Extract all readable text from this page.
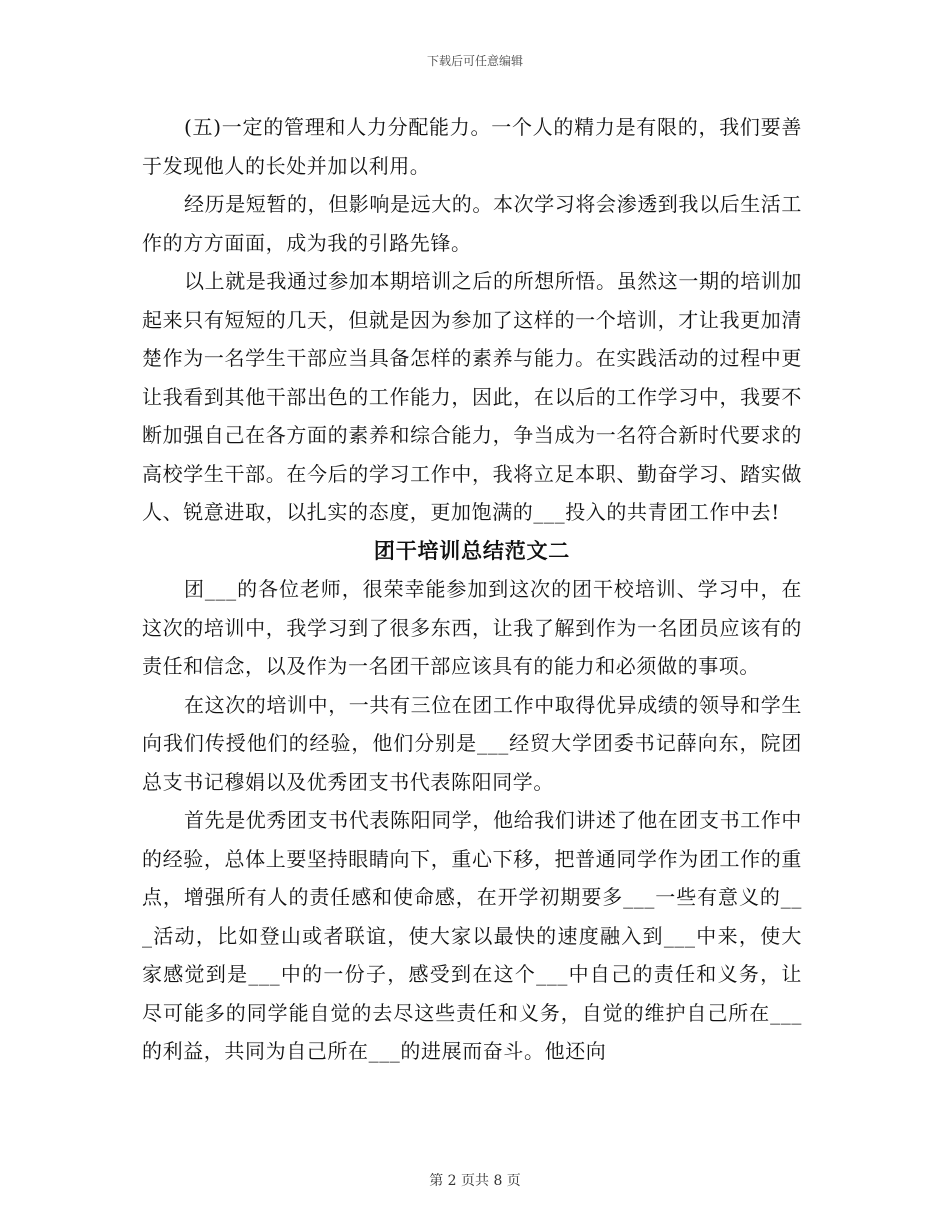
下载后可任意编辑

(五)一定的管理和人力分配能力。一个人的精力是有限的，我们要善于发现他人的长处并加以利用。

经历是短暂的，但影响是远大的。本次学习将会渗透到我以后生活工作的方方面面，成为我的引路先锋。

以上就是我通过参加本期培训之后的所想所悟。虽然这一期的培训加起来只有短短的几天，但就是因为参加了这样的一个培训，才让我更加清楚作为一名学生干部应当具备怎样的素养与能力。在实践活动的过程中更让我看到其他干部出色的工作能力，因此，在以后的工作学习中，我要不断加强自己在各方面的素养和综合能力，争当成为一名符合新时代要求的高校学生干部。在今后的学习工作中，我将立足本职、勤奋学习、踏实做人、锐意进取，以扎实的态度，更加饱满的___投入的共青团工作中去!

团干培训总结范文二

团___的各位老师，很荣幸能参加到这次的团干校培训、学习中，在这次的培训中，我学习到了很多东西，让我了解到作为一名团员应该有的责任和信念，以及作为一名团干部应该具有的能力和必须做的事项。

在这次的培训中，一共有三位在团工作中取得优异成绩的领导和学生向我们传授他们的经验，他们分别是___经贸大学团委书记薛向东，院团总支书记穆娟以及优秀团支书代表陈阳同学。

首先是优秀团支书代表陈阳同学，他给我们讲述了他在团支书工作中的经验，总体上要坚持眼睛向下，重心下移，把普通同学作为团工作的重点，增强所有人的责任感和使命感，在开学初期要多___一些有意义的___活动，比如登山或者联谊，使大家以最快的速度融入到___中来，使大家感觉到是___中的一份子，感受到在这个___中自己的责任和义务，让尽可能多的同学能自觉的去尽这些责任和义务，自觉的维护自己所在___的利益，共同为自己所在___的进展而奋斗。他还向

第 2 页共 8 页
